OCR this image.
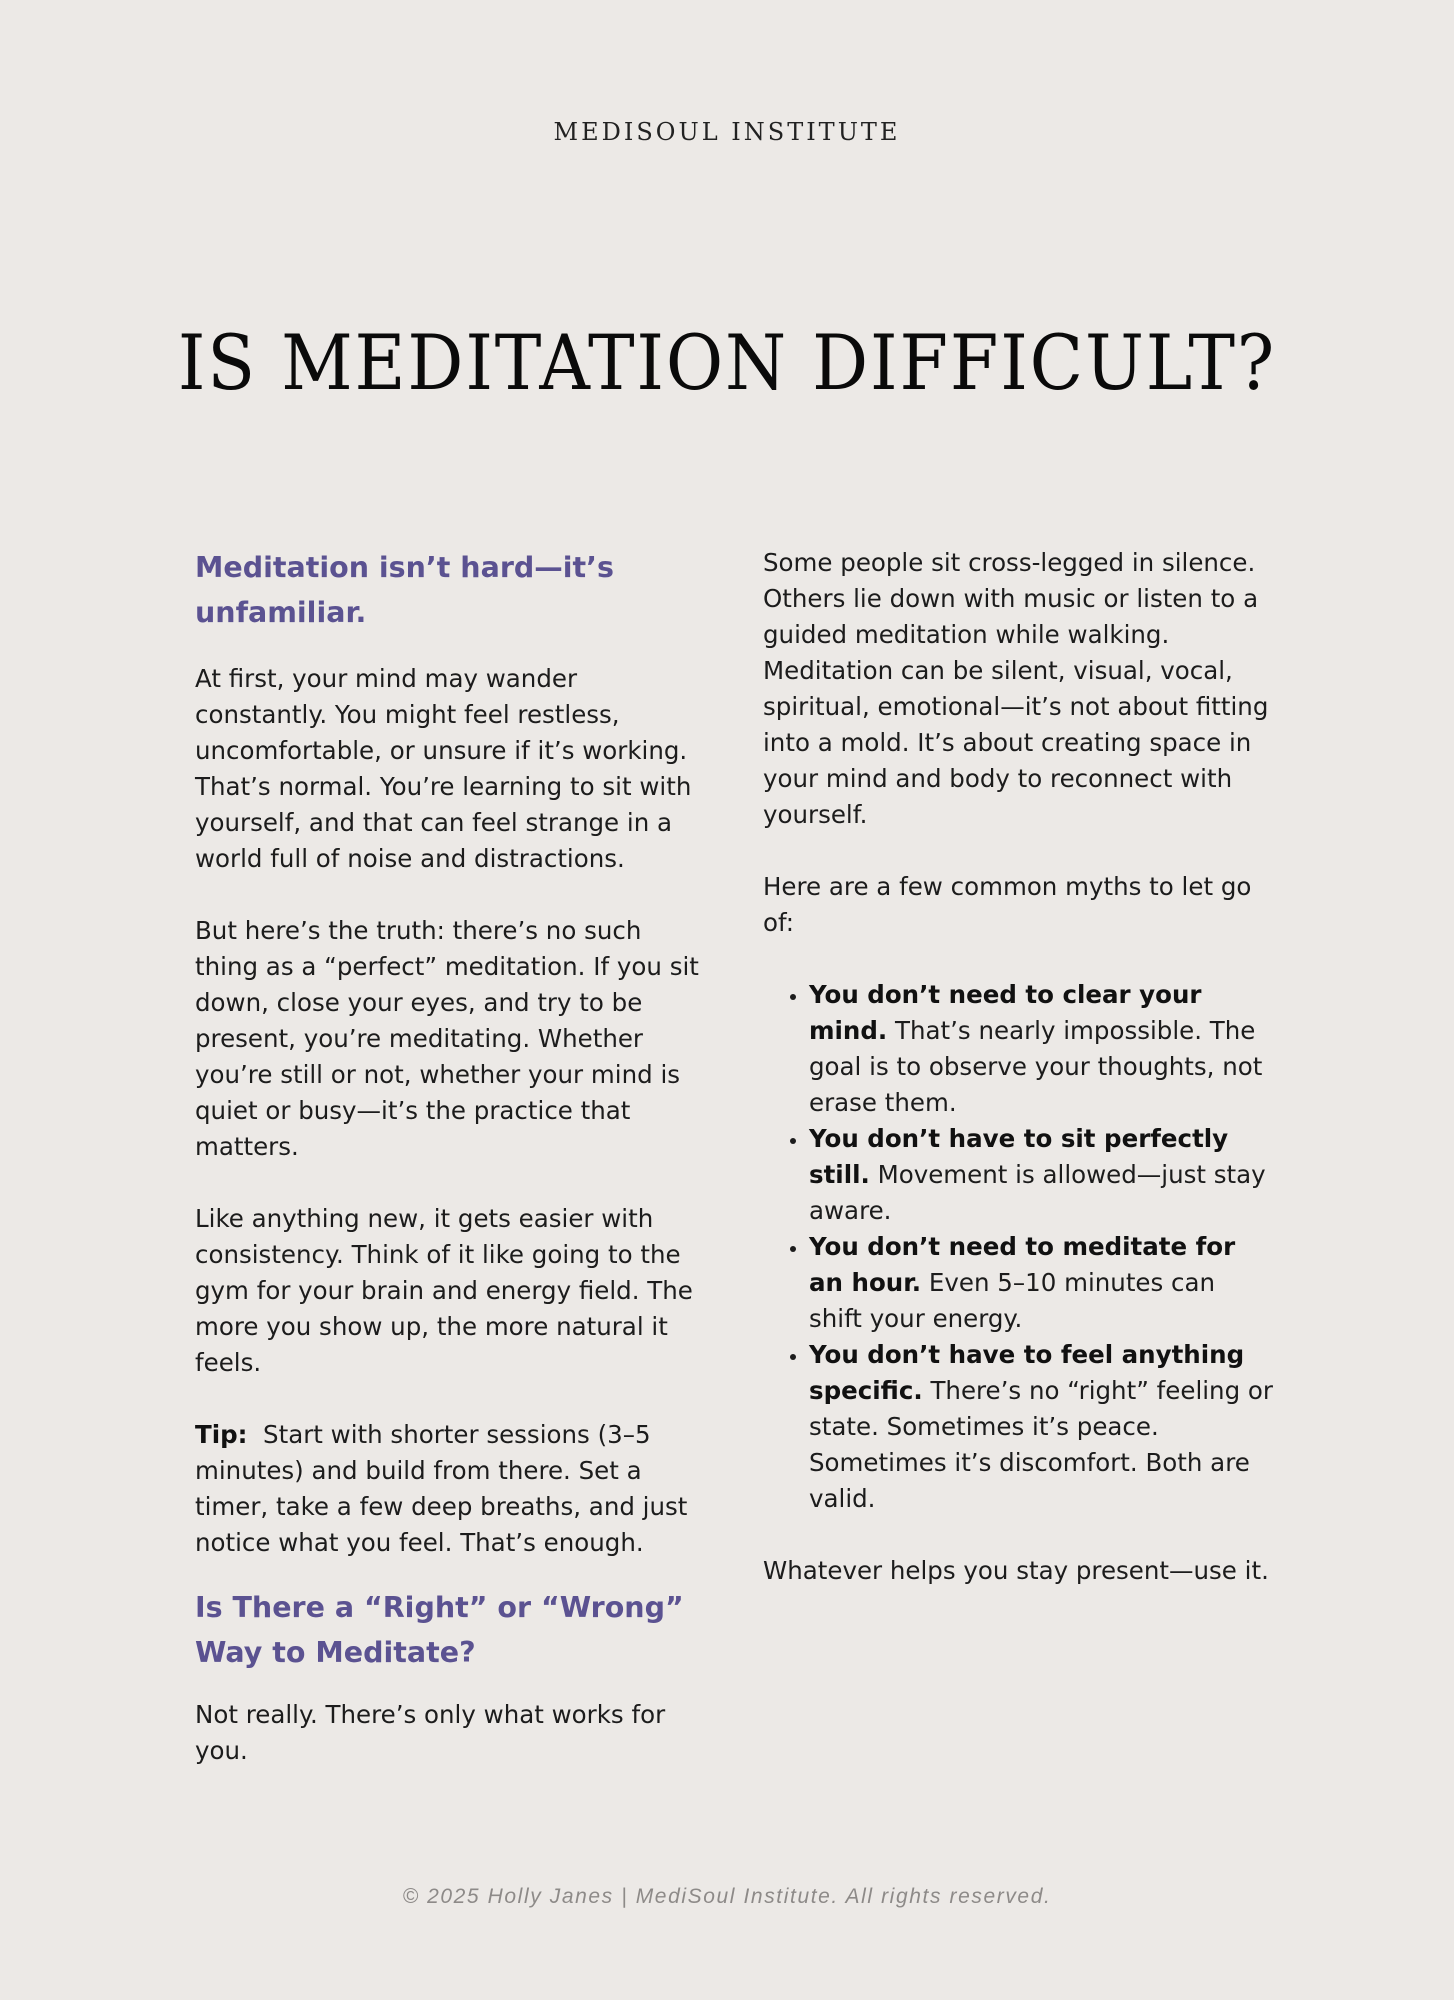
MEDISOUL INSTITUTE
IS MEDITATION DIFFICULT?
Meditation isn’t hard—it’s unfamiliar.

At first, your mind may wander constantly. You might feel restless, uncomfortable, or unsure if it’s working. That’s normal. You’re learning to sit with yourself, and that can feel strange in a world full of noise and distractions.

But here’s the truth: there’s no such thing as a “perfect” meditation. If you sit down, close your eyes, and try to be present, you’re meditating. Whether you’re still or not, whether your mind is quiet or busy—it’s the practice that matters.

Like anything new, it gets easier with consistency. Think of it like going to the gym for your brain and energy field. The more you show up, the more natural it feels.

Tip: Start with shorter sessions (3–5 minutes) and build from there. Set a timer, take a few deep breaths, and just notice what you feel. That’s enough.

Is There a “Right” or “Wrong” Way to Meditate?

Not really. There’s only what works for you.

Some people sit cross-legged in silence. Others lie down with music or listen to a guided meditation while walking. Meditation can be silent, visual, vocal, spiritual, emotional—it’s not about fitting into a mold. It’s about creating space in your mind and body to reconnect with yourself.

Here are a few common myths to let go of:

• You don’t need to clear your mind. That’s nearly impossible. The goal is to observe your thoughts, not erase them.
• You don’t have to sit perfectly still. Movement is allowed—just stay aware.
• You don’t need to meditate for an hour. Even 5–10 minutes can shift your energy.
• You don’t have to feel anything specific. There’s no “right” feeling or state. Sometimes it’s peace. Sometimes it’s discomfort. Both are valid.

Whatever helps you stay present—use it.

© 2025 Holly Janes | MediSoul Institute. All rights reserved.
